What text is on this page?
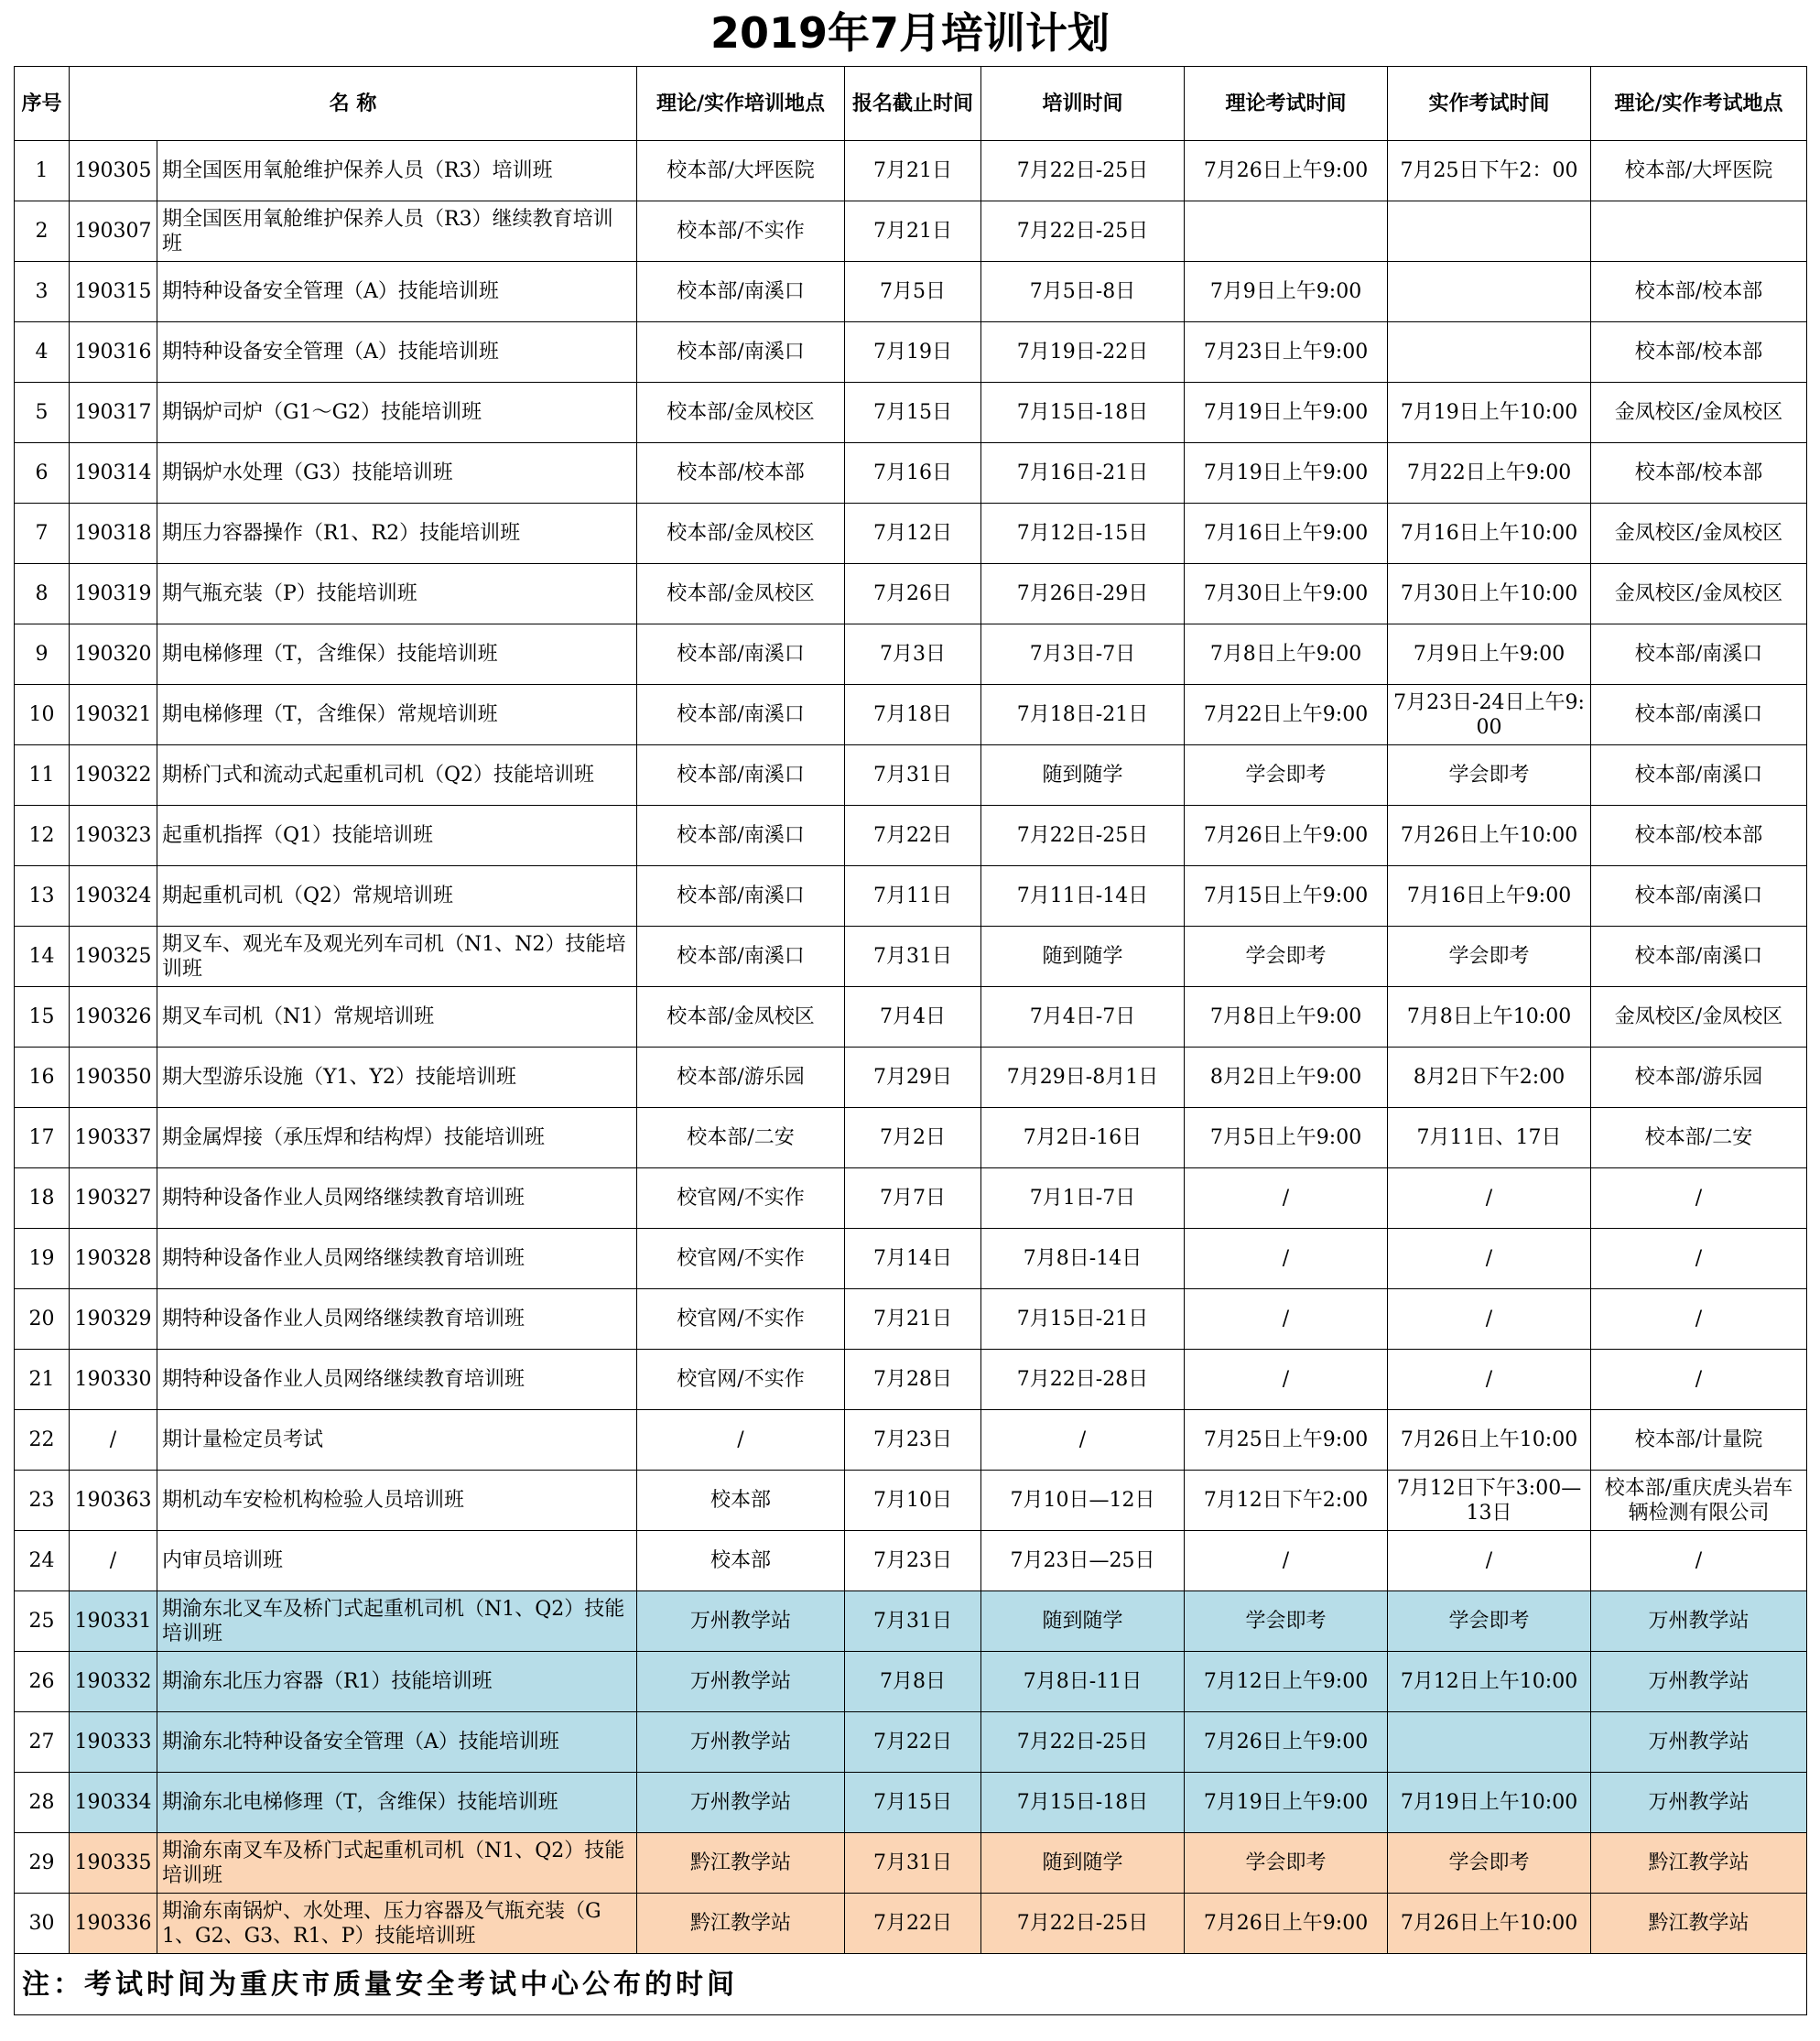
2019年7月培训计划
序号	名 称		理论/实作培训地点	报名截止时间	培训时间	理论考试时间	实作考试时间	理论/实作考试地点
1	190305	期全国医用氧舱维护保养人员（R3）培训班	校本部/大坪医院	7月21日	7月22日-25日	7月26日上午9:00	7月25日下午2：00	校本部/大坪医院
2	190307	期全国医用氧舱维护保养人员（R3）继续教育培训班	校本部/不实作	7月21日	7月22日-25日			
3	190315	期特种设备安全管理（A）技能培训班	校本部/南溪口	7月5日	7月5日-8日	7月9日上午9:00		校本部/校本部
4	190316	期特种设备安全管理（A）技能培训班	校本部/南溪口	7月19日	7月19日-22日	7月23日上午9:00		校本部/校本部
5	190317	期锅炉司炉（G1～G2）技能培训班	校本部/金凤校区	7月15日	7月15日-18日	7月19日上午9:00	7月19日上午10:00	金凤校区/金凤校区
6	190314	期锅炉水处理（G3）技能培训班	校本部/校本部	7月16日	7月16日-21日	7月19日上午9:00	7月22日上午9:00	校本部/校本部
7	190318	期压力容器操作（R1、R2）技能培训班	校本部/金凤校区	7月12日	7月12日-15日	7月16日上午9:00	7月16日上午10:00	金凤校区/金凤校区
8	190319	期气瓶充装（P）技能培训班	校本部/金凤校区	7月26日	7月26日-29日	7月30日上午9:00	7月30日上午10:00	金凤校区/金凤校区
9	190320	期电梯修理（T，含维保）技能培训班	校本部/南溪口	7月3日	7月3日-7日	7月8日上午9:00	7月9日上午9:00	校本部/南溪口
10	190321	期电梯修理（T，含维保）常规培训班	校本部/南溪口	7月18日	7月18日-21日	7月22日上午9:00	7月23日-24日上午9:00	校本部/南溪口
11	190322	期桥门式和流动式起重机司机（Q2）技能培训班	校本部/南溪口	7月31日	随到随学	学会即考	学会即考	校本部/南溪口
12	190323	起重机指挥（Q1）技能培训班	校本部/南溪口	7月22日	7月22日-25日	7月26日上午9:00	7月26日上午10:00	校本部/校本部
13	190324	期起重机司机（Q2）常规培训班	校本部/南溪口	7月11日	7月11日-14日	7月15日上午9:00	7月16日上午9:00	校本部/南溪口
14	190325	期叉车、观光车及观光列车司机（N1、N2）技能培训班	校本部/南溪口	7月31日	随到随学	学会即考	学会即考	校本部/南溪口
15	190326	期叉车司机（N1）常规培训班	校本部/金凤校区	7月4日	7月4日-7日	7月8日上午9:00	7月8日上午10:00	金凤校区/金凤校区
16	190350	期大型游乐设施（Y1、Y2）技能培训班	校本部/游乐园	7月29日	7月29日-8月1日	8月2日上午9:00	8月2日下午2:00	校本部/游乐园
17	190337	期金属焊接（承压焊和结构焊）技能培训班	校本部/二安	7月2日	7月2日-16日	7月5日上午9:00	7月11日、17日	校本部/二安
18	190327	期特种设备作业人员网络继续教育培训班	校官网/不实作	7月7日	7月1日-7日	/	/	/
19	190328	期特种设备作业人员网络继续教育培训班	校官网/不实作	7月14日	7月8日-14日	/	/	/
20	190329	期特种设备作业人员网络继续教育培训班	校官网/不实作	7月21日	7月15日-21日	/	/	/
21	190330	期特种设备作业人员网络继续教育培训班	校官网/不实作	7月28日	7月22日-28日	/	/	/
22	/	期计量检定员考试	/	7月23日	/	7月25日上午9:00	7月26日上午10:00	校本部/计量院
23	190363	期机动车安检机构检验人员培训班	校本部	7月10日	7月10日—12日	7月12日下午2:00	7月12日下午3:00—13日	校本部/重庆虎头岩车辆检测有限公司
24	/	内审员培训班	校本部	7月23日	7月23日—25日	/	/	/
25	190331	期渝东北叉车及桥门式起重机司机（N1、Q2）技能培训班	万州教学站	7月31日	随到随学	学会即考	学会即考	万州教学站
26	190332	期渝东北压力容器（R1）技能培训班	万州教学站	7月8日	7月8日-11日	7月12日上午9:00	7月12日上午10:00	万州教学站
27	190333	期渝东北特种设备安全管理（A）技能培训班	万州教学站	7月22日	7月22日-25日	7月26日上午9:00		万州教学站
28	190334	期渝东北电梯修理（T，含维保）技能培训班	万州教学站	7月15日	7月15日-18日	7月19日上午9:00	7月19日上午10:00	万州教学站
29	190335	期渝东南叉车及桥门式起重机司机（N1、Q2）技能培训班	黔江教学站	7月31日	随到随学	学会即考	学会即考	黔江教学站
30	190336	期渝东南锅炉、水处理、压力容器及气瓶充装（G1、G2、G3、R1、P）技能培训班	黔江教学站	7月22日	7月22日-25日	7月26日上午9:00	7月26日上午10:00	黔江教学站
注：考试时间为重庆市质量安全考试中心公布的时间								
